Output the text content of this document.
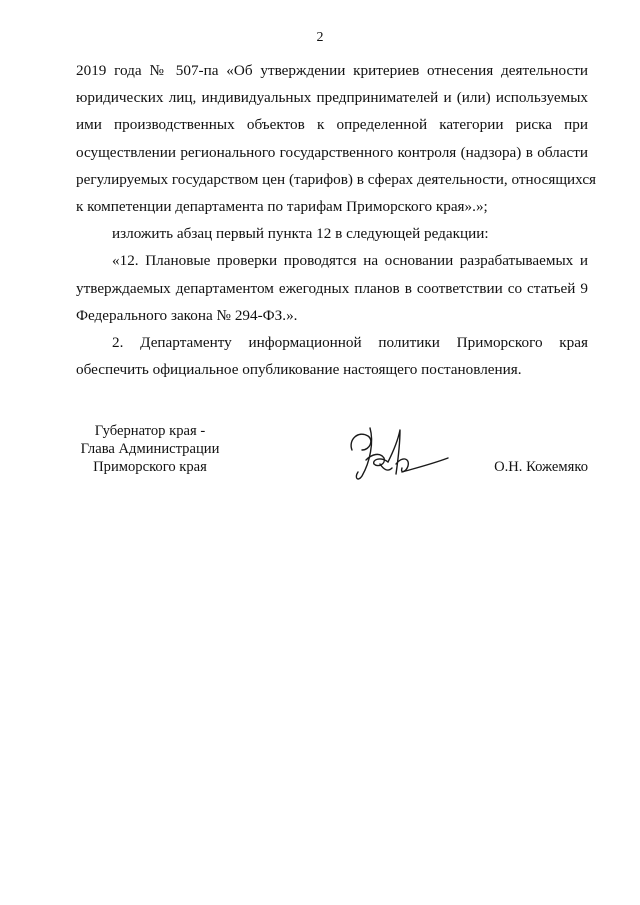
2

2019 года № 507-па «Об утверждении критериев отнесения деятельности
юридических лиц, индивидуальных предпринимателей и (или) используемых
ими производственных объектов к определенной категории риска при
осуществлении регионального государственного контроля (надзора) в области
регулируемых государством цен (тарифов) в сферах деятельности, относящихся
к компетенции департамента по тарифам Приморского края».»;

изложить абзац первый пункта 12 в следующей редакции:

«12. Плановые проверки проводятся на основании разрабатываемых и
утверждаемых департаментом ежегодных планов в соответствии со статьей 9
Федерального закона № 294-ФЗ.».

2. Департаменту информационной политики Приморского края
обеспечить официальное опубликование настоящего постановления.

Губернатор края -
Глава Администрации
Приморского края	О.Н. Кожемяко
